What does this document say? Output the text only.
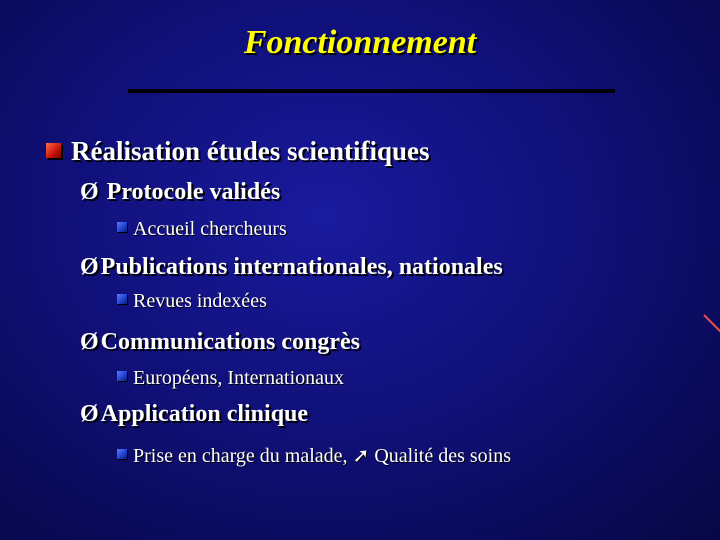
Fonctionnement
Réalisation études scientifiques
Ø Protocole validés
Accueil chercheurs
ØPublications internationales, nationales
Revues indexées
ØCommunications congrès
Européens, Internationaux
ØApplication clinique
Prise en charge du malade, ➚ Qualité des soins
